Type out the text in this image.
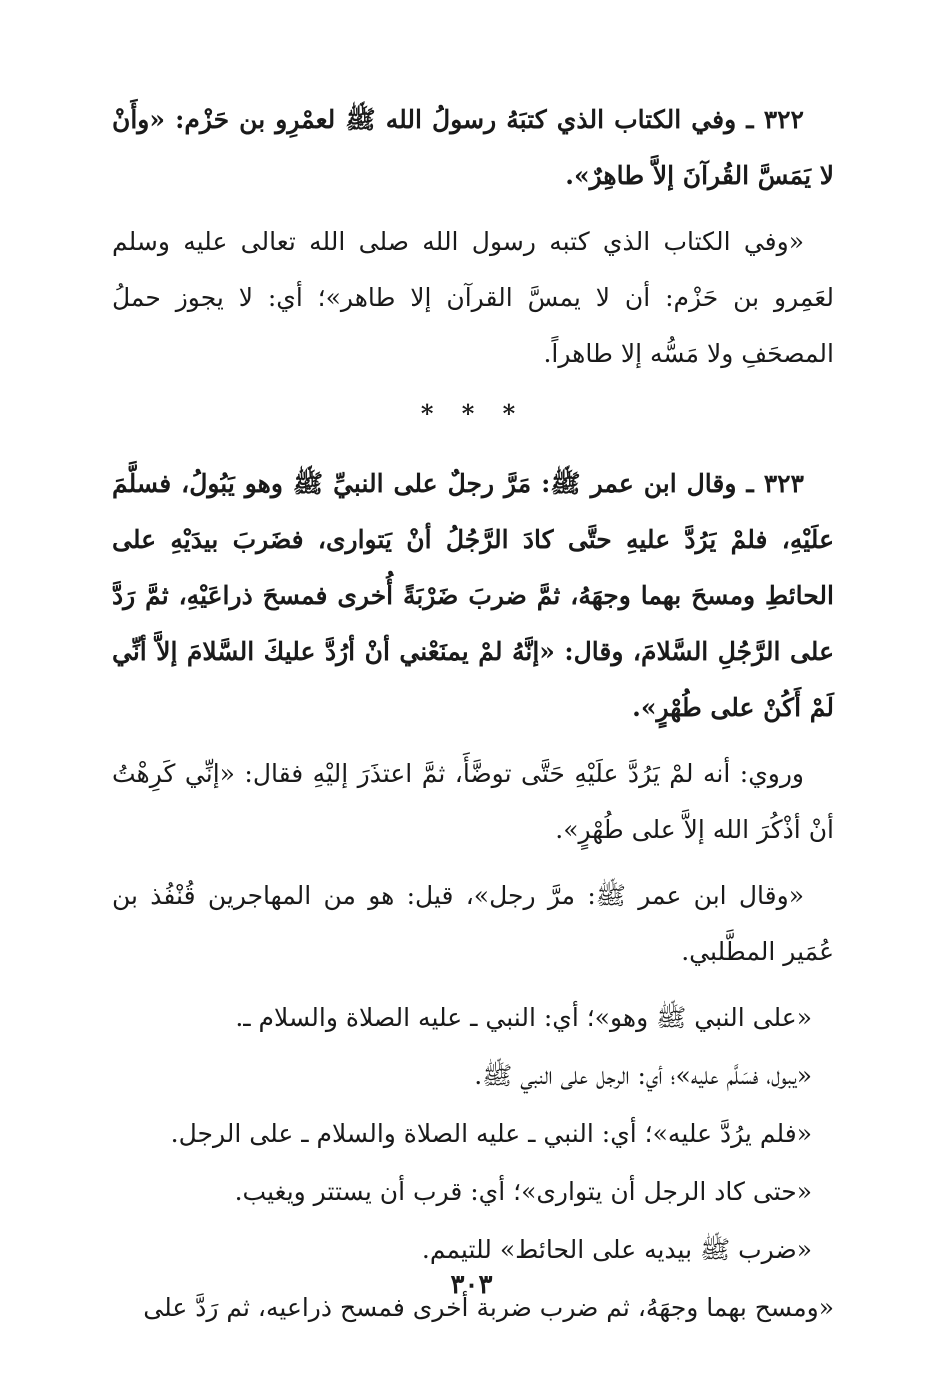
٣٢٢ ـ وفي الكتاب الذي كتبَهُ رسولُ الله ﷺ لعمْرِو بن حَزْم: «وأَنْ لا يَمَسَّ القُرآنَ إلاَّ طاهِرٌ».

«وفي الكتاب الذي كتبه رسول الله صلى الله تعالى عليه وسلم لعَمِرو بن حَزْم: أن لا يمسَّ القرآن إلا طاهر»؛ أي: لا يجوز حملُ المصحَفِ ولا مَسُّه إلا طاهراً.

* * *

٣٢٣ ـ وقال ابن عمر ﷺ: مَرَّ رجلٌ على النبيِّ ﷺ وهو يَبُولُ، فسلَّمَ علَيْهِ، فلمْ يَرُدَّ عليهِ حتَّى كادَ الرَّجُلُ أنْ يَتوارى، فضَربَ بيدَيْهِ على الحائطِ ومسحَ بهما وجهَهُ، ثمَّ ضربَ ضَرْبَةً أُخرى فمسحَ ذراعَيْهِ، ثمَّ رَدَّ على الرَّجُلِ السَّلامَ، وقال: «إنَّهُ لمْ يمنَعْني أنْ أرُدَّ عليكَ السَّلامَ إلاَّ أنِّي لَمْ أَكُنْ على طُهْرٍ».

وروي: أنه لمْ يَرُدَّ علَيْهِ حَتَّى توضَّأَ، ثمَّ اعتذَرَ إليْهِ فقال: «إنِّي كَرِهْتُ أنْ أذْكُرَ الله إلاَّ على طُهْرٍ».

«وقال ابن عمر ﷺ: مرَّ رجل»، قيل: هو من المهاجرين قُنْفُذ بن عُمَير المطَّلبي.

«على النبي ﷺ وهو»؛ أي: النبي ـ عليه الصلاة والسلام ـ.

«يبول، فسَلَّم عليه»؛ أي: الرجل على النبي ﷺ.

«فلم يرُدَّ عليه»؛ أي: النبي ـ عليه الصلاة والسلام ـ على الرجل.

«حتى كاد الرجل أن يتوارى»؛ أي: قرب أن يستتر ويغيب.

«ضرب ﷺ بيديه على الحائط» للتيمم.

«ومسح بهما وجهَهُ، ثم ضرب ضربة أخرى فمسح ذراعيه، ثم رَدَّ على

٣٠٣
